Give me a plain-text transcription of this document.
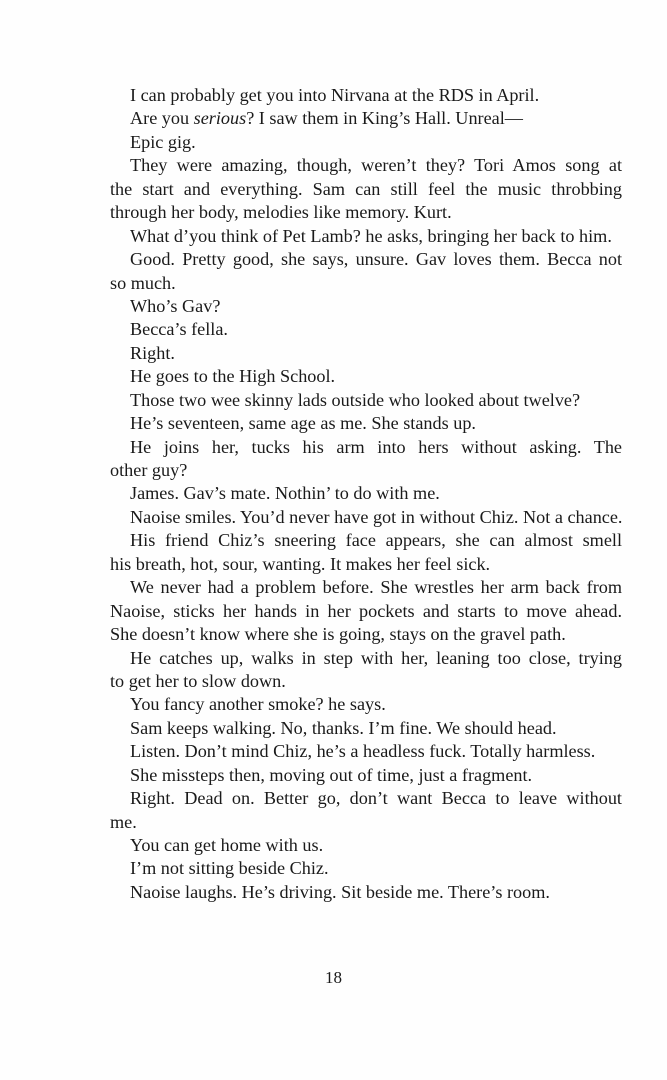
I can probably get you into Nirvana at the RDS in April.
Are you serious? I saw them in King’s Hall. Unreal—
Epic gig.
They were amazing, though, weren’t they? Tori Amos song at
the start and everything. Sam can still feel the music throbbing
through her body, melodies like memory. Kurt.
What d’you think of Pet Lamb? he asks, bringing her back to him.
Good. Pretty good, she says, unsure. Gav loves them. Becca not
so much.
Who’s Gav?
Becca’s fella.
Right.
He goes to the High School.
Those two wee skinny lads outside who looked about twelve?
He’s seventeen, same age as me. She stands up.
He joins her, tucks his arm into hers without asking. The
other guy?
James. Gav’s mate. Nothin’ to do with me.
Naoise smiles. You’d never have got in without Chiz. Not a chance.
His friend Chiz’s sneering face appears, she can almost smell
his breath, hot, sour, wanting. It makes her feel sick.
We never had a problem before. She wrestles her arm back from
Naoise, sticks her hands in her pockets and starts to move ahead.
She doesn’t know where she is going, stays on the gravel path.
He catches up, walks in step with her, leaning too close, trying
to get her to slow down.
You fancy another smoke? he says.
Sam keeps walking. No, thanks. I’m fine. We should head.
Listen. Don’t mind Chiz, he’s a headless fuck. Totally harmless.
She missteps then, moving out of time, just a fragment.
Right. Dead on. Better go, don’t want Becca to leave without
me.
You can get home with us.
I’m not sitting beside Chiz.
Naoise laughs. He’s driving. Sit beside me. There’s room.
18
